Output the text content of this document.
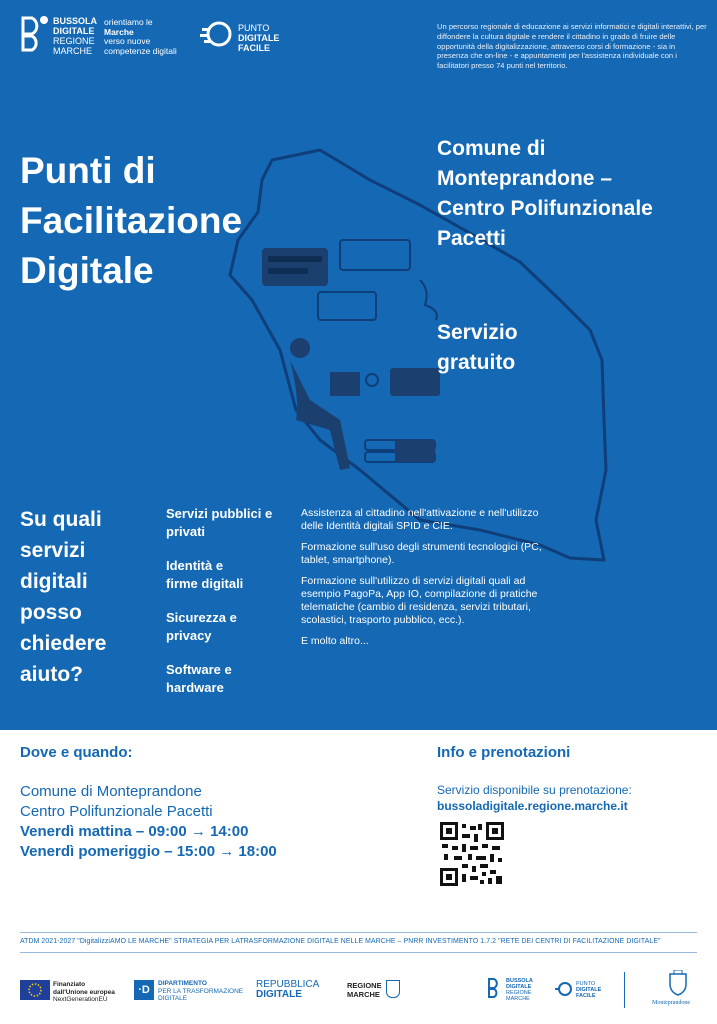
BUSSOLA
DIGITALE
REGIONE
MARCHE
orientiamo le
Marche
verso nuove
competenze digitali
PUNTO
DIGITALE
FACILE
Un percorso regionale di educazione ai servizi informatici e digitali interattivi, per diffondere la cultura digitale e rendere il cittadino in grado di fruire delle opportunità della digitalizzazione, attraverso corsi di formazione - sia in presenza che on-line - e appuntamenti per l'assistenza individuale con i facilitatori presso 74 punti nel territorio.
Punti di
Facilitazione
Digitale
Comune di
Monteprandone –
Centro Polifunzionale
Pacetti
Servizio
gratuito
Su quali
servizi
digitali
posso
chiedere
aiuto?
Servizi pubblici e
privati
Identità e
firme digitali
Sicurezza e
privacy
Software e
hardware

Assistenza al cittadino nell'attivazione e nell'utilizzo delle Identità digitali SPID e CIE.

Formazione sull'uso degli strumenti tecnologici (PC, tablet, smartphone).

Formazione sull'utilizzo di servizi digitali quali ad esempio PagoPa, App IO, compilazione di pratiche telematiche (cambio di residenza, servizi tributari, scolastici, trasporto pubblico, ecc.).

E molto altro...

Dove e quando:
Comune di Monteprandone
Centro Polifunzionale Pacetti
Venerdì mattina – 09:00 → 14:00
Venerdì pomeriggio – 15:00 → 18:00
Info e prenotazioni
Servizio disponibile su prenotazione:
bussoladigitale.regione.marche.it
ATDM 2021-2027 "DigitalizziAMO LE MARCHE" STRATEGIA PER LATRASFORMAZIONE DIGITALE NELLE MARCHE – PNRR INVESTIMENTO 1.7.2 "RETE DEI CENTRI DI FACILITAZIONE DIGITALE"
Finanziato
dall'Unione europea
NextGenerationEU
·D
DIPARTIMENTO
PER LA TRASFORMAZIONE
DIGITALE
REPUBBLICA
DIGITALE
REGIONE
MARCHE
BUSSOLA
DIGITALE
REGIONE
MARCHE
PUNTO
DIGITALE
FACILE
Monteprandone
